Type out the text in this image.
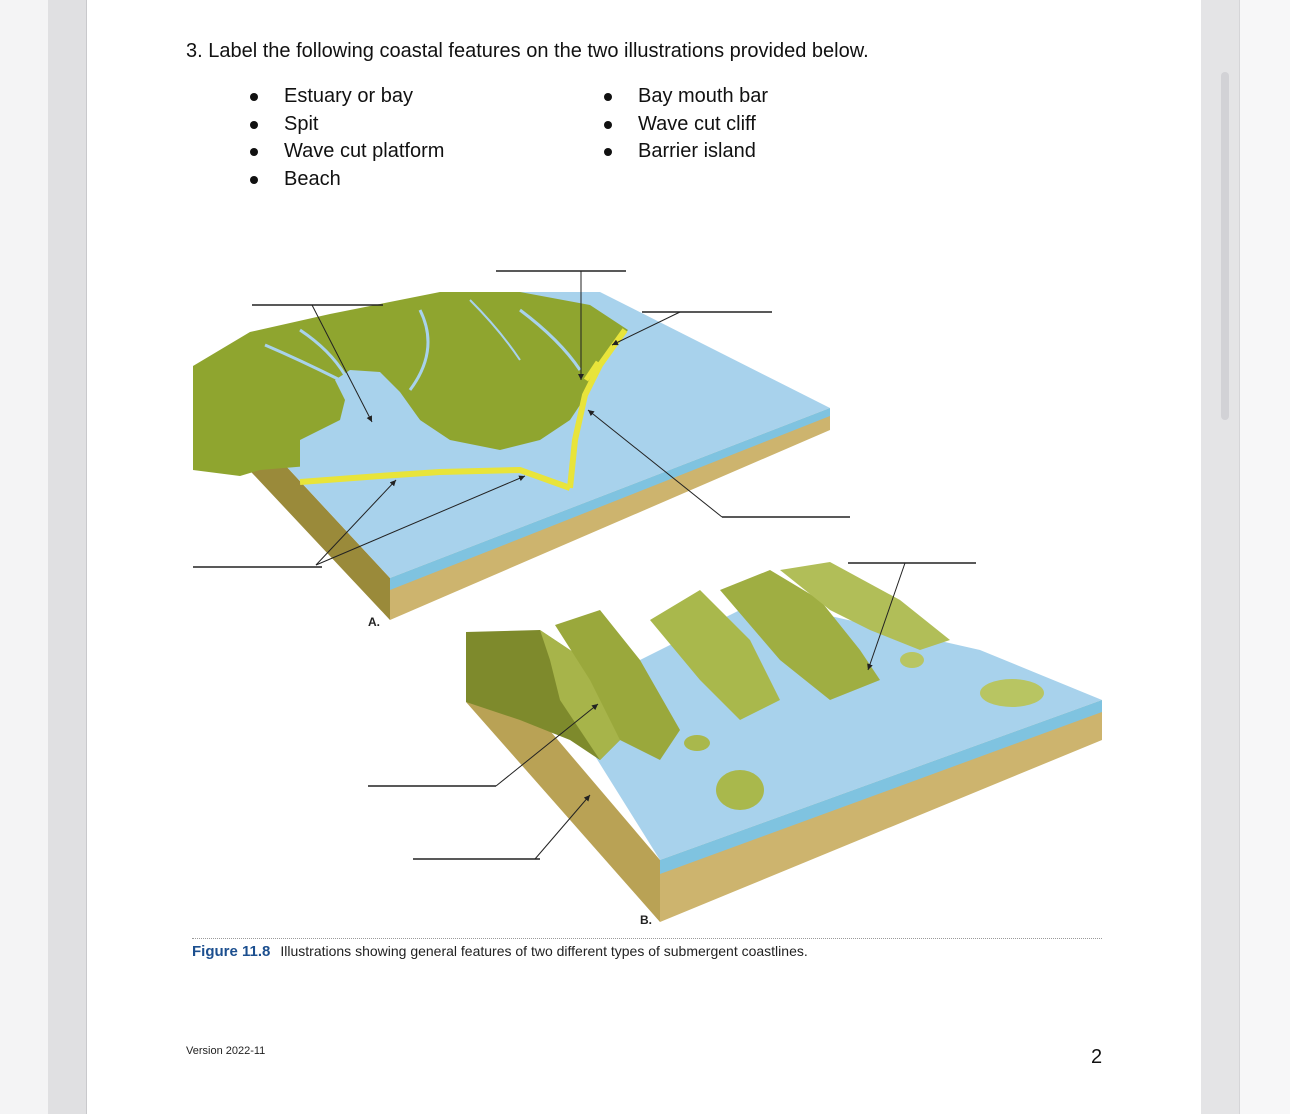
3. Label the following coastal features on the two illustrations provided below.
Estuary or bay
Spit
Wave cut platform
Beach
Bay mouth bar
Wave cut cliff
Barrier island
A.
B.
Figure 11.8 Illustrations showing general features of two different types of submergent coastlines.
Version 2022-11	2
